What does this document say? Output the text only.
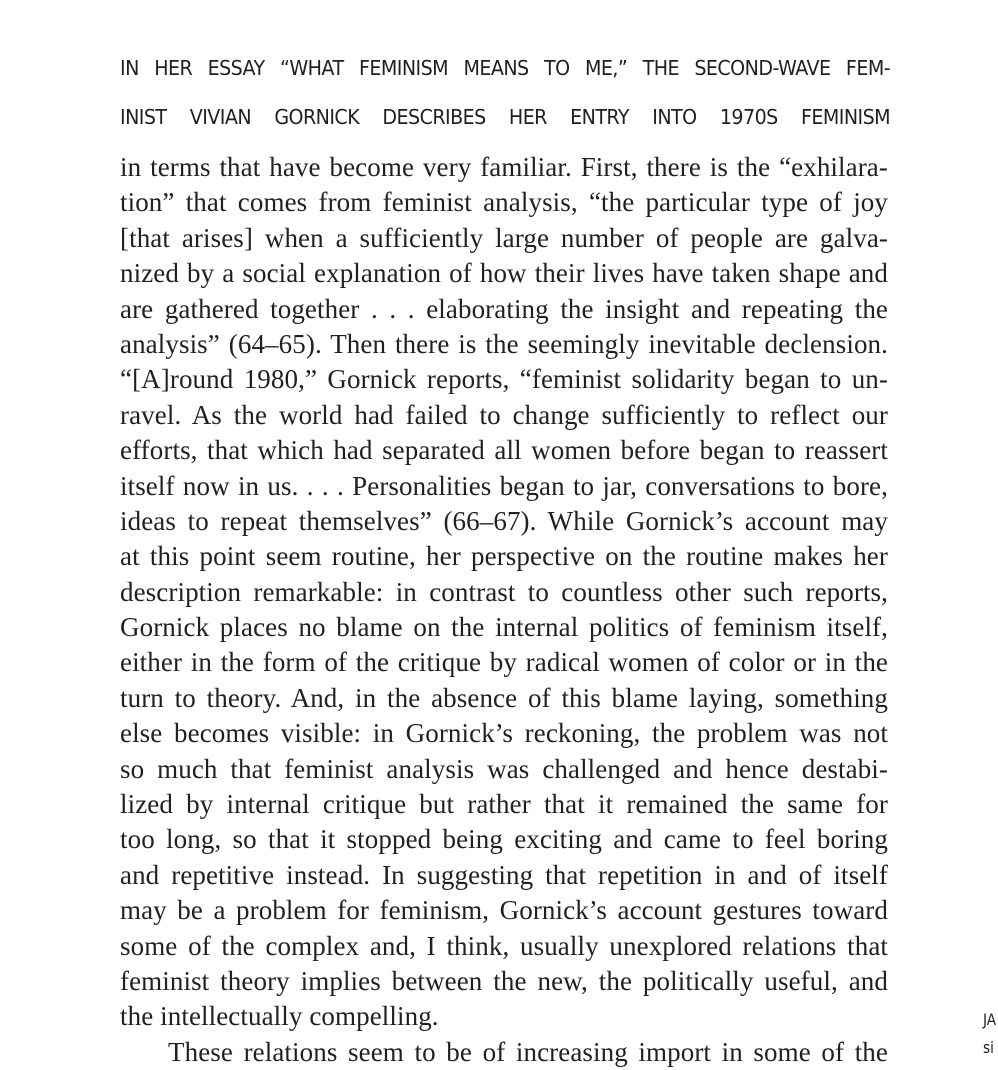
IN HER ESSAY “WHAT FEMINISM MEANS TO ME,” THE SECOND-WAVE FEM-
INIST VIVIAN GORNICK DESCRIBES HER ENTRY INTO 1970S FEMINISM
in terms that have become very familiar. First, there is the “exhilara-
tion” that comes from feminist analysis, “the particular type of joy
[that arises] when a sufficiently large number of people are galva-
nized by a social explanation of how their lives have taken shape and
are gathered together . . . elaborating the insight and repeating the
analysis” (64–65). Then there is the seemingly inevitable declension.
“[A]round 1980,” Gornick reports, “feminist solidarity began to un-
ravel. As the world had failed to change sufficiently to reflect our
efforts, that which had separated all women before began to reassert
itself now in us. . . . Personalities began to jar, conversations to bore,
ideas to repeat themselves” (66–67). While Gornick’s account may
at this point seem routine, her perspective on the routine makes her
description remarkable: in contrast to countless other such reports,
Gornick places no blame on the internal politics of feminism itself,
either in the form of the critique by radical women of color or in the
turn to theory. And, in the absence of this blame laying, something
else becomes visible: in Gornick’s reckoning, the problem was not
so much that feminist analysis was challenged and hence destabi-
lized by internal critique but rather that it remained the same for
too long, so that it stopped being exciting and came to feel boring
and repetitive instead. In suggesting that repetition in and of itself
may be a problem for feminism, Gornick’s account gestures toward
some of the complex and, I think, usually unexplored relations that
feminist theory implies between the new, the politically useful, and
the intellectually compelling.
These relations seem to be of increasing import in some of the
JA
si
